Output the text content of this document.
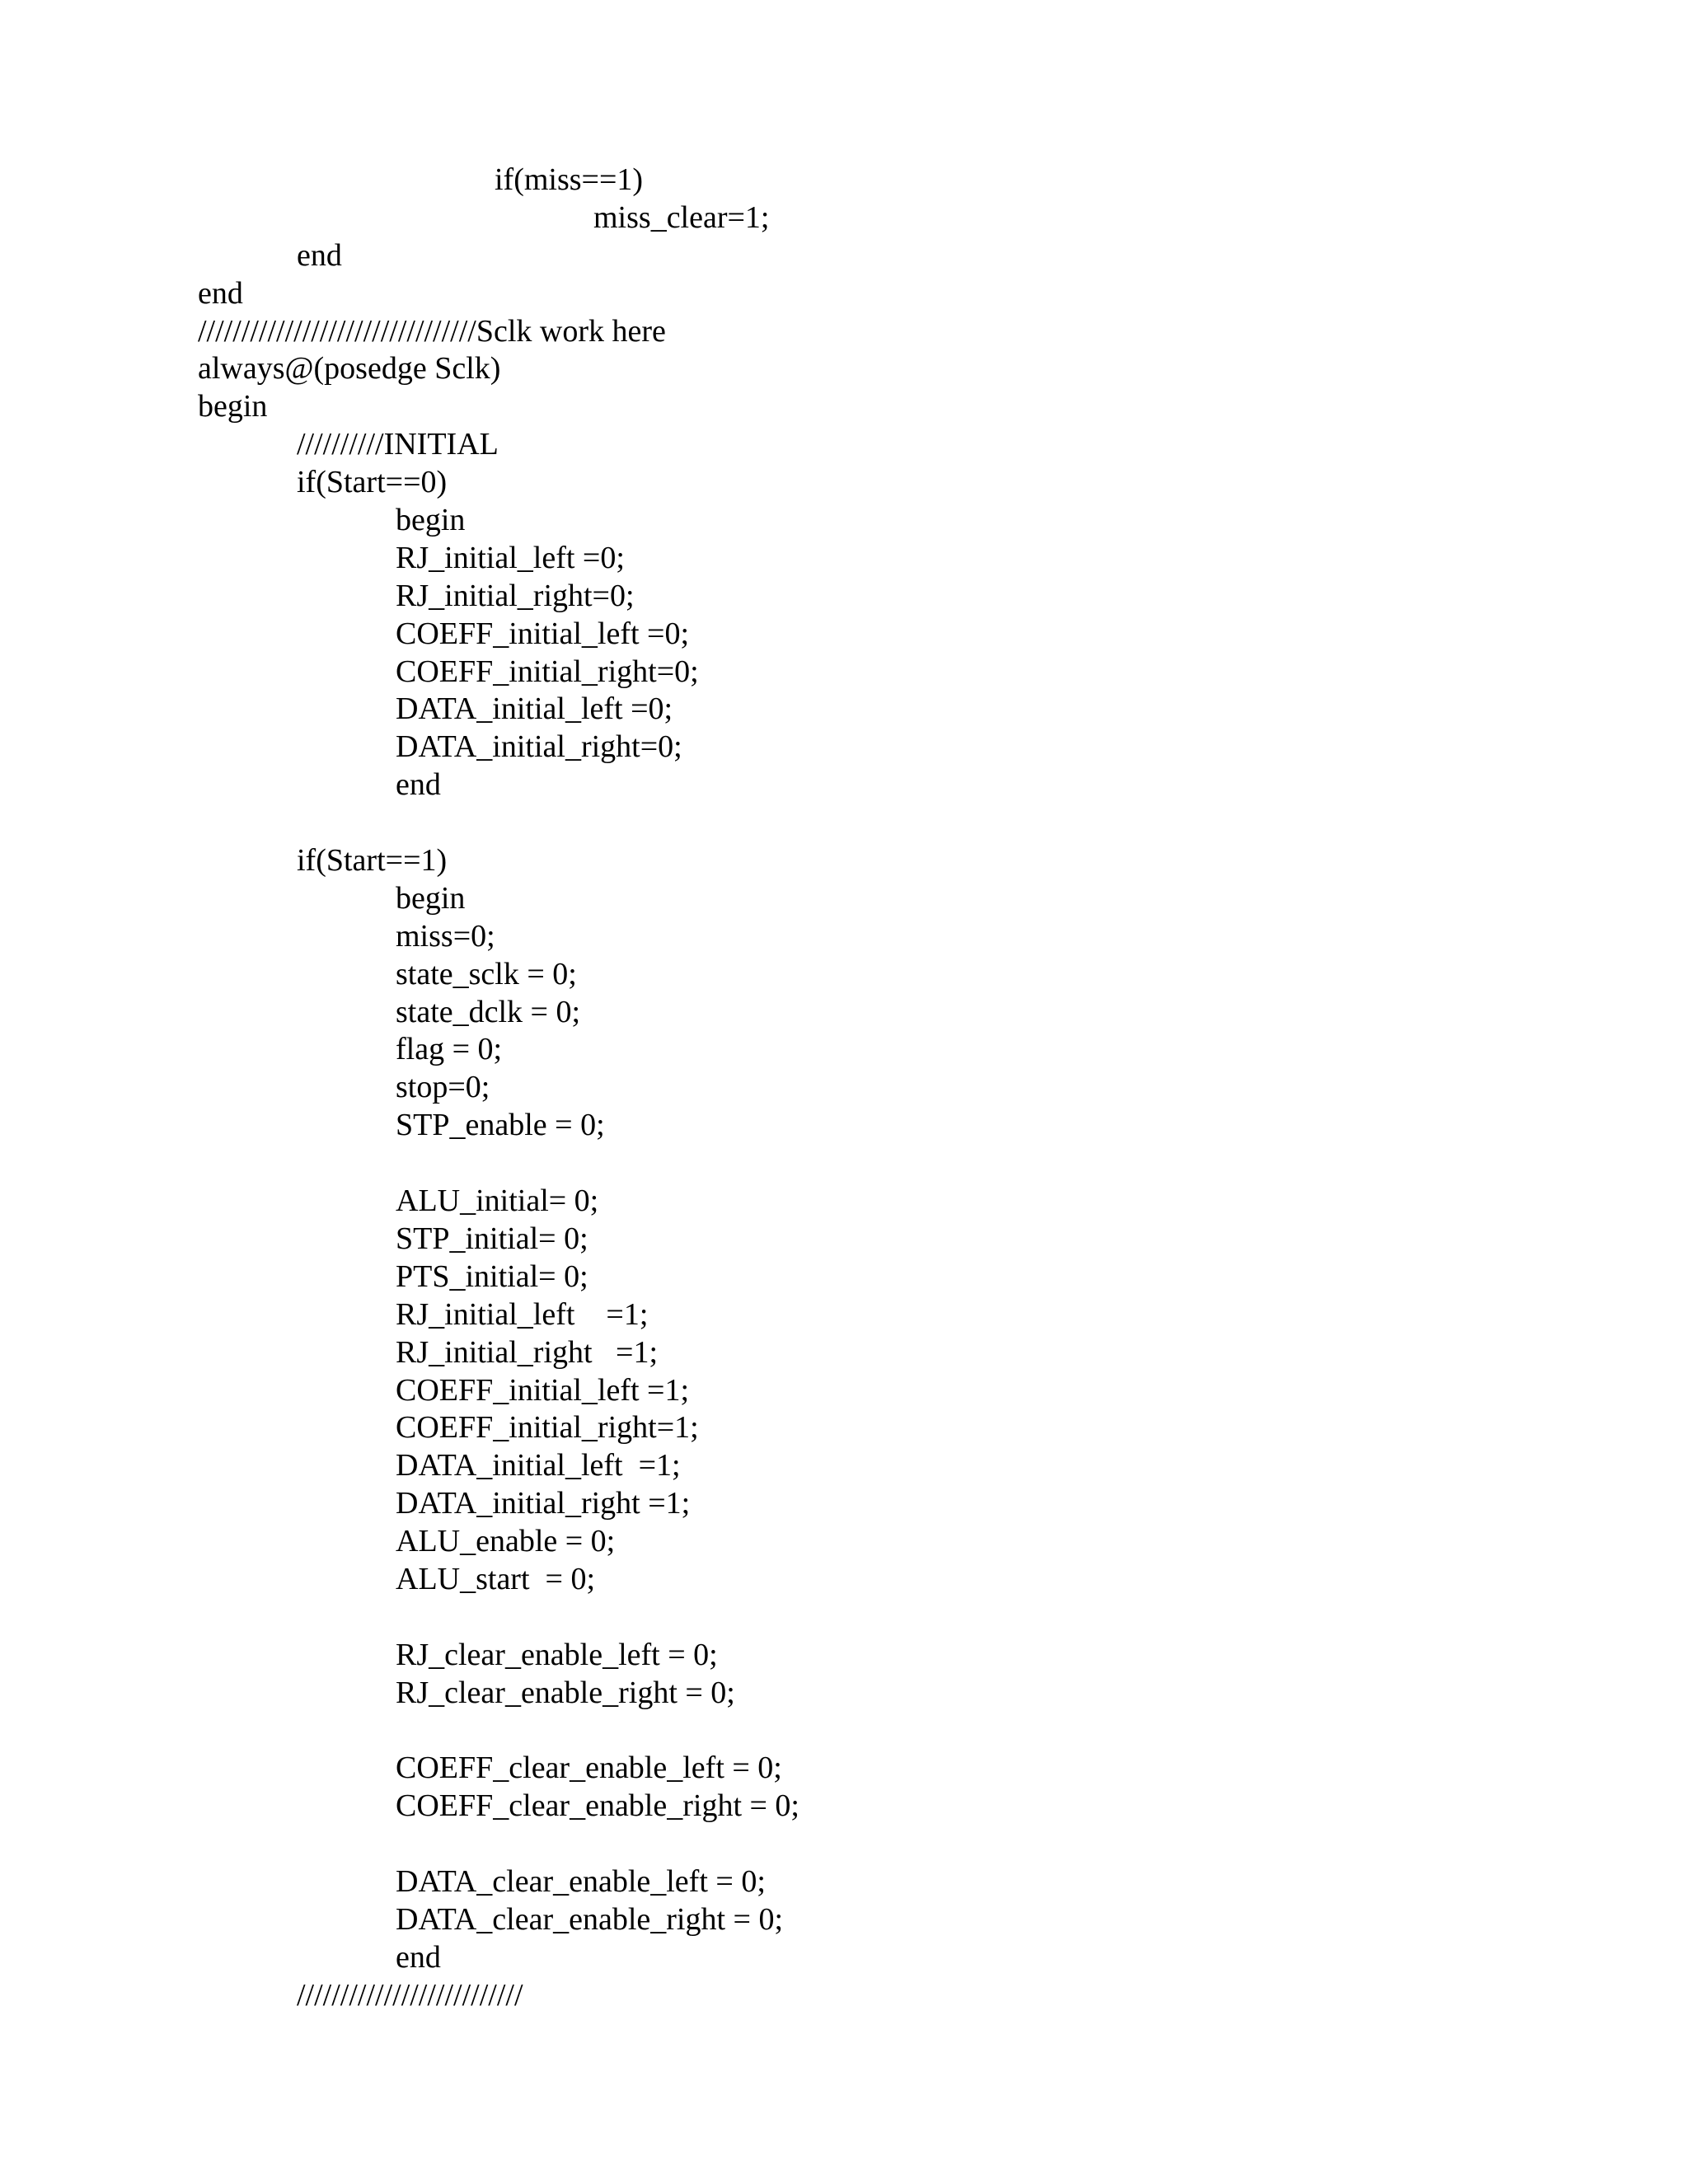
if(miss==1)
miss_clear=1;
end
end
////////////////////////////////Sclk work here
always@(posedge Sclk)
begin
//////////INITIAL
if(Start==0)
begin
RJ_initial_left =0;
RJ_initial_right=0;
COEFF_initial_left =0;
COEFF_initial_right=0;
DATA_initial_left =0;
DATA_initial_right=0;
end
if(Start==1)
begin
miss=0;
state_sclk = 0;
state_dclk = 0;
flag = 0;
stop=0;
STP_enable = 0;
ALU_initial= 0;
STP_initial= 0;
PTS_initial= 0;
RJ_initial_left    =1;
RJ_initial_right   =1;
COEFF_initial_left =1;
COEFF_initial_right=1;
DATA_initial_left  =1;
DATA_initial_right =1;
ALU_enable = 0;
ALU_start  = 0;
RJ_clear_enable_left = 0;
RJ_clear_enable_right = 0;
COEFF_clear_enable_left = 0;
COEFF_clear_enable_right = 0;
DATA_clear_enable_left = 0;
DATA_clear_enable_right = 0;
end
//////////////////////////
